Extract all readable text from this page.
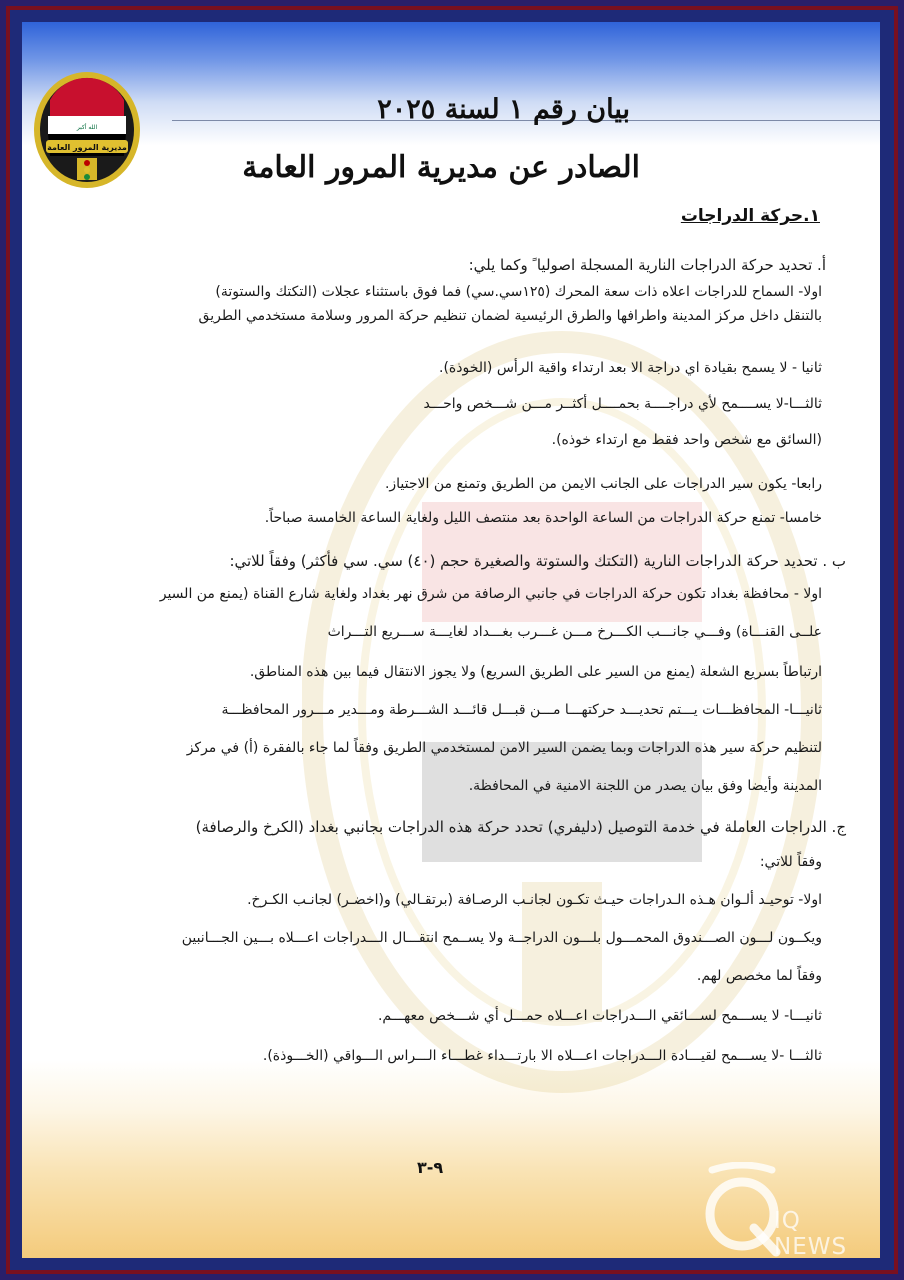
الله أكبر
مديرية المرور العامة
بيان رقم ١ لسنة ٢٠٢٥
الصادر عن مديرية المرور العامة
١.حركة الدراجات
أ. تحديد حركة الدراجات النارية المسجلة اصوليا ً وكما يلي:
اولا- السماح للدراجات اعلاه ذات سعة المحرك (١٢٥سي.سي) فما فوق باستثناء عجلات (التكتك والستوتة)
بالتنقل داخل مركز المدينة واطرافها والطرق الرئيسية لضمان تنظيم حركة المرور وسلامة مستخدمي الطريق
ثانيا - لا يسمح بقيادة اي دراجة الا بعد ارتداء واقية الرأس (الخوذة).
ثالثـــا-لا يســــمح لأي دراجــــة بحمــــل أكثــر مـــن شـــخص واحـــد
(السائق مع شخص واحد فقط مع ارتداء خوذه).
رابعا- يكون سير الدراجات على الجانب الايمن من الطريق وتمنع من الاجتياز.
خامسا- تمنع حركة الدراجات من الساعة الواحدة بعد منتصف الليل ولغاية الساعة الخامسة صباحاً.
ب . تحديد حركة الدراجات النارية (التكتك والستوتة والصغيرة حجم (٤٠) سي. سي فأكثر) وفقاً للاتي:
اولا - محافظة بغداد تكون حركة الدراجات في جانبي الرصافة من شرق نهر بغداد ولغاية شارع القناة (يمنع من السير
علــى القنـــاة) وفـــي جانـــب الكـــرخ مـــن غـــرب بغـــداد لغايـــة ســـريع التـــراث
ارتباطاً بسريع الشعلة (يمنع من السير على الطريق السريع) ولا يجوز الانتقال فيما بين هذه المناطق.
ثانيـــا- المحافظـــات يـــتم تحديـــد حركتهـــا مـــن قبـــل قائـــد الشـــرطة ومـــدير مـــرور المحافظـــة
لتنظيم حركة سير هذه الدراجات وبما يضمن السير الامن لمستخدمي الطريق وفقاً لما جاء بالفقرة (أ) في مركز
المدينة وأيضا وفق بيان يصدر من اللجنة الامنية في المحافظة.
ج. الدراجات العاملة في خدمة التوصيل (دليفري) تحدد حركة هذه الدراجات بجانبي بغداد (الكرخ والرصافة)
وفقاً للاتي:
اولا- توحيـد ألـوان هـذه الـدراجات حيـث تكـون لجانـب الرصـافة (برتقـالي) و(اخضـر) لجانـب الكـرخ.
ويكــون لـــون الصـــندوق المحمـــول بلـــون الدراجــة ولا يســمح انتقـــال الـــدراجات اعـــلاه بـــين الجـــانبين
وفقاً لما مخصص لهم.
ثانيـــا- لا يســـمح لســـائقي الـــدراجات اعـــلاه حمـــل أي شـــخص معهـــم.
ثالثـــا -لا يســـمح لقيـــادة الـــدراجات اعـــلاه الا بارتـــداء غطـــاء الـــراس الـــواقي (الخـــوذة).
٩-٣
IQ NEWS
